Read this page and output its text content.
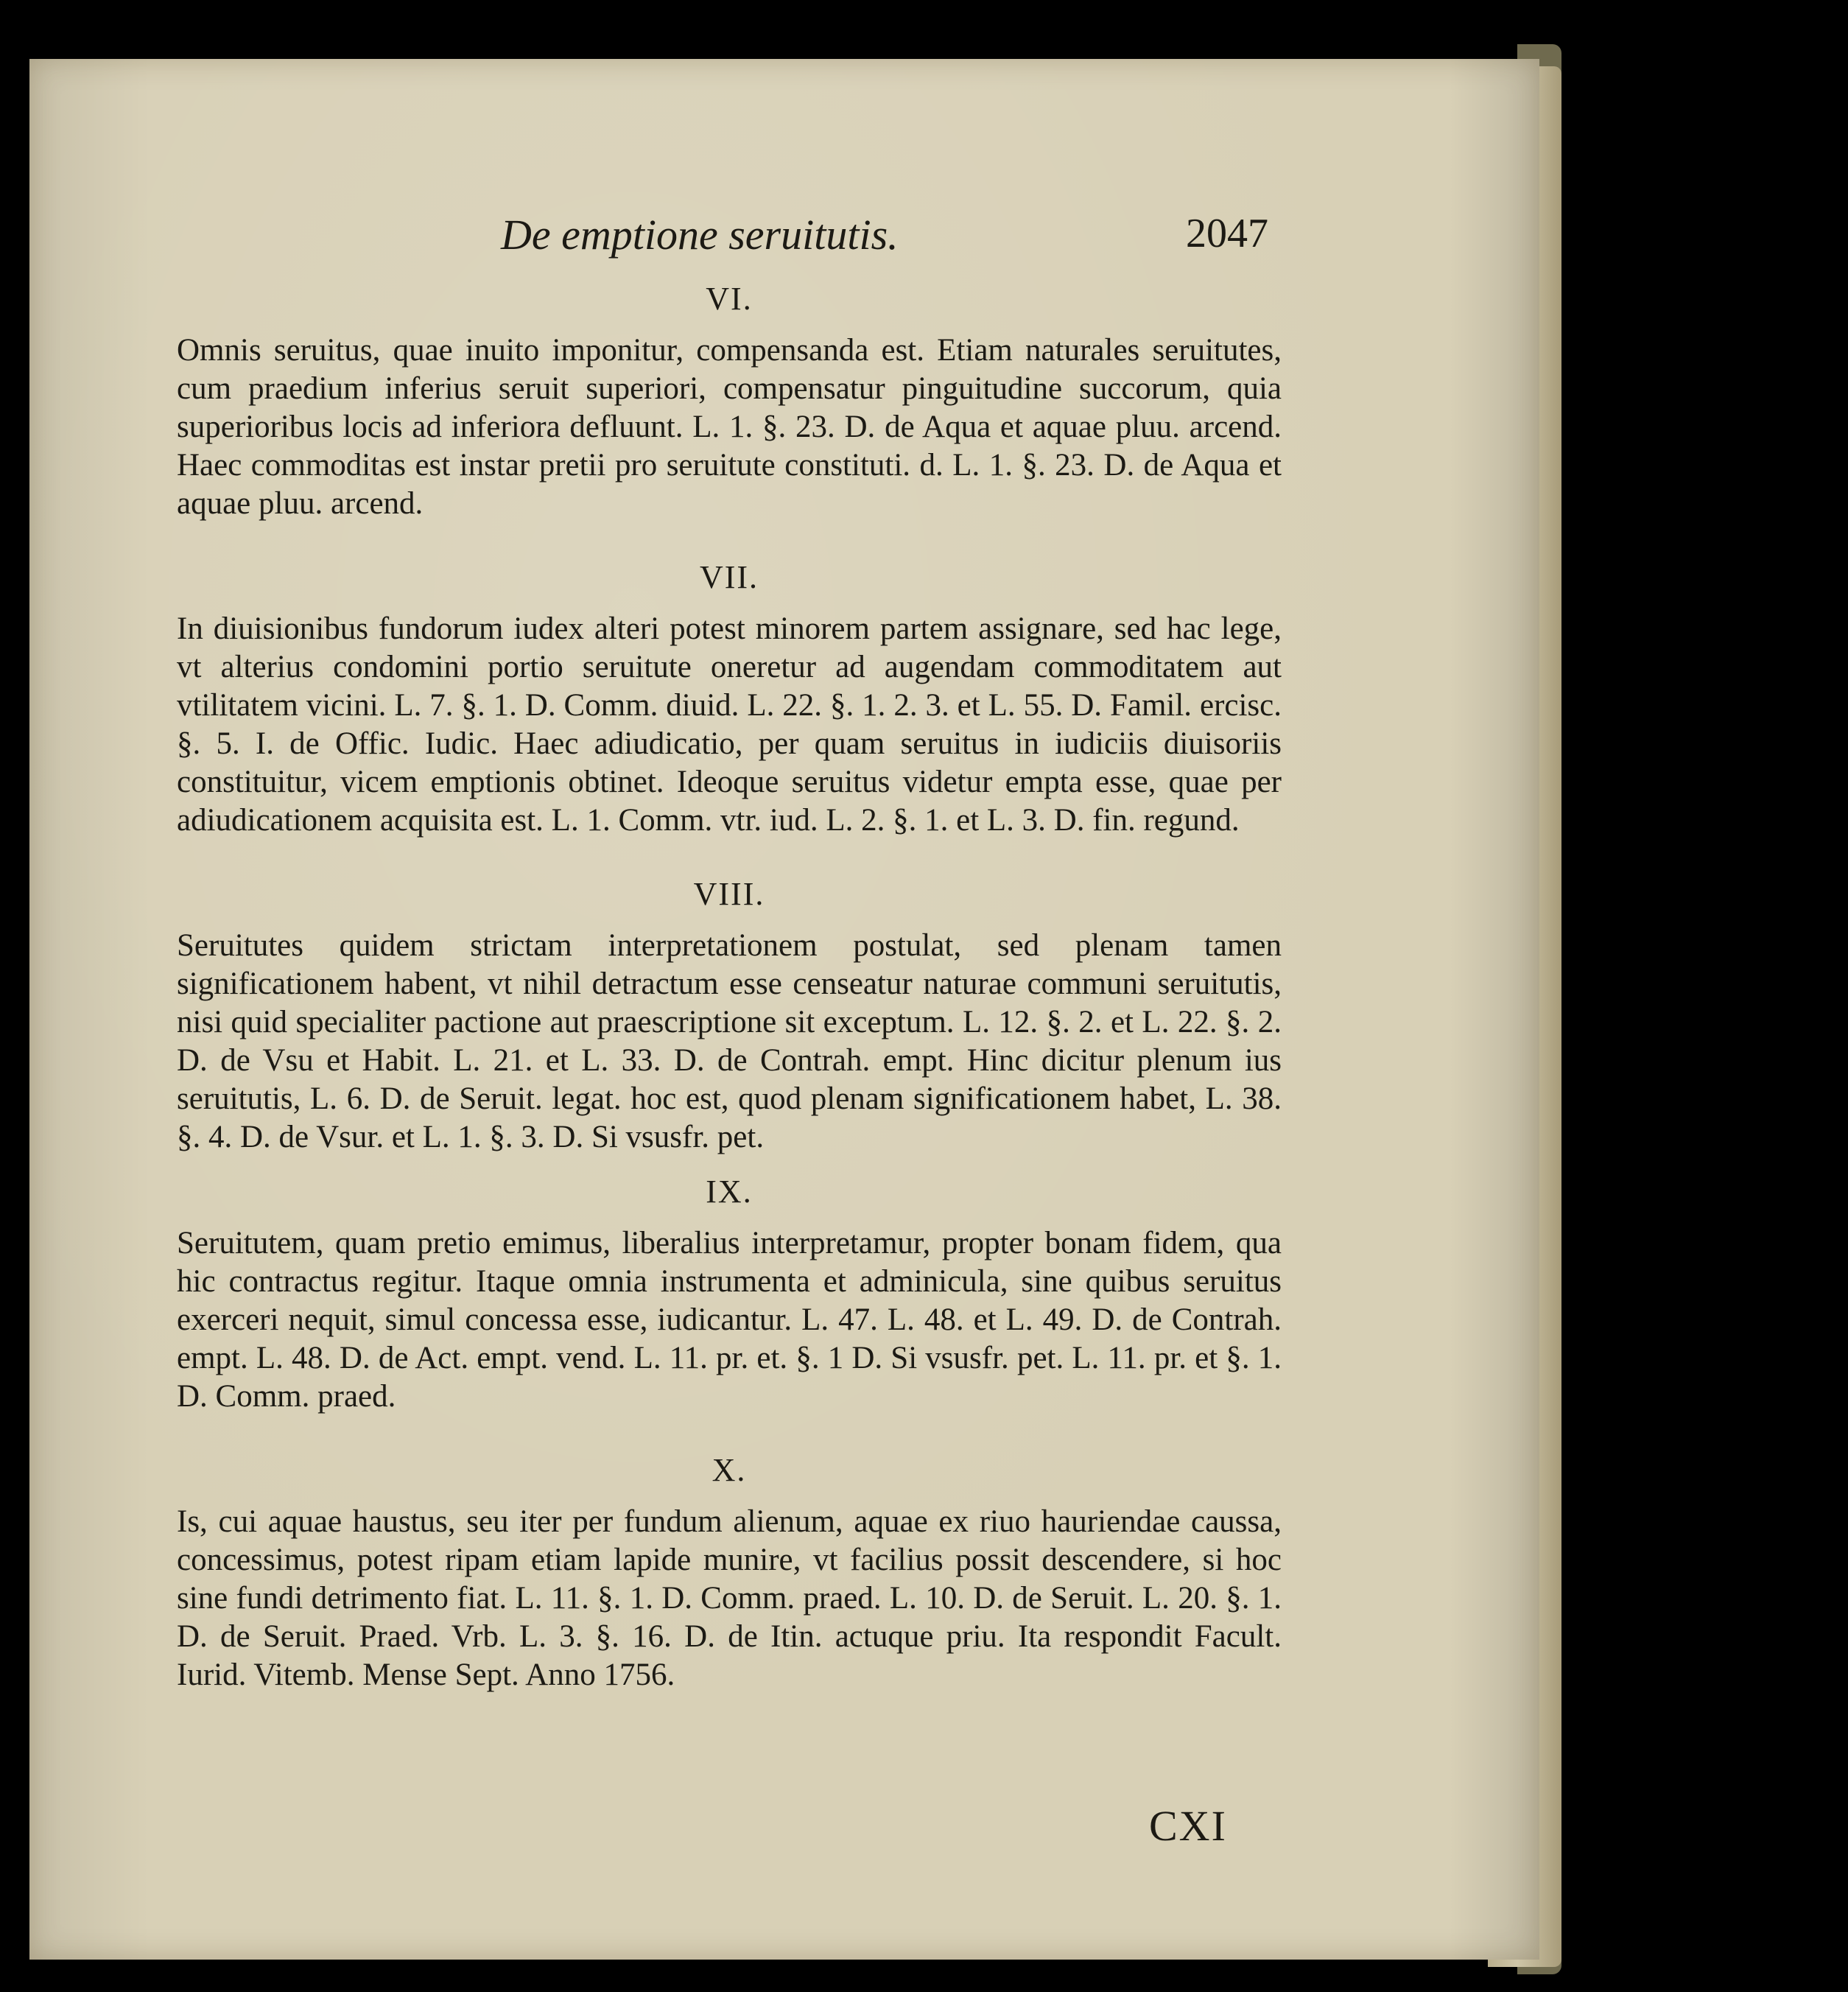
De emptione seruitutis.	2047
VI.

Omnis seruitus, quae inuito imponitur, compensanda est. Etiam naturales seruitutes, cum praedium inferius seruit superiori, compensatur pinguitudine succorum, quia superioribus locis ad inferiora defluunt. L. 1. §. 23. D. de Aqua et aquae pluu. arcend. Haec commoditas est instar pretii pro seruitute constituti. d. L. 1. §. 23. D. de Aqua et aquae pluu. arcend.

VII.

In diuisionibus fundorum iudex alteri potest minorem partem assignare, sed hac lege, vt alterius condomini portio seruitute oneretur ad augendam commoditatem aut vtilitatem vicini. L. 7. §. 1. D. Comm. diuid. L. 22. §. 1. 2. 3. et L. 55. D. Famil. ercisc. §. 5. I. de Offic. Iudic. Haec adiudicatio, per quam seruitus in iudiciis diuisoriis constituitur, vicem emptionis obtinet. Ideoque seruitus videtur empta esse, quae per adiudicationem acquisita est. L. 1. Comm. vtr. iud. L. 2. §. 1. et L. 3. D. fin. regund.

VIII.

Seruitutes quidem strictam interpretationem postulat, sed plenam tamen significationem habent, vt nihil detractum esse censeatur naturae communi seruitutis, nisi quid specialiter pactione aut praescriptione sit exceptum. L. 12. §. 2. et L. 22. §. 2. D. de Vsu et Habit. L. 21. et L. 33. D. de Contrah. empt. Hinc dicitur plenum ius seruitutis, L. 6. D. de Seruit. legat. hoc est, quod plenam significationem habet, L. 38. §. 4. D. de Vsur. et L. 1. §. 3. D. Si vsusfr. pet.

IX.

Seruitutem, quam pretio emimus, liberalius interpretamur, propter bonam fidem, qua hic contractus regitur. Itaque omnia instrumenta et adminicula, sine quibus seruitus exerceri nequit, simul concessa esse, iudicantur. L. 47. L. 48. et L. 49. D. de Contrah. empt. L. 48. D. de Act. empt. vend. L. 11. pr. et. §. 1 D. Si vsusfr. pet. L. 11. pr. et §. 1. D. Comm. praed.

X.

Is, cui aquae haustus, seu iter per fundum alienum, aquae ex riuo hauriendae caussa, concessimus, potest ripam etiam lapide munire, vt facilius possit descendere, si hoc sine fundi detrimento fiat. L. 11. §. 1. D. Comm. praed. L. 10. D. de Seruit. L. 20. §. 1. D. de Seruit. Praed. Vrb. L. 3. §. 16. D. de Itin. actuque priu. Ita respondit Facult. Iurid. Vitemb. Mense Sept. Anno 1756.

CXI
